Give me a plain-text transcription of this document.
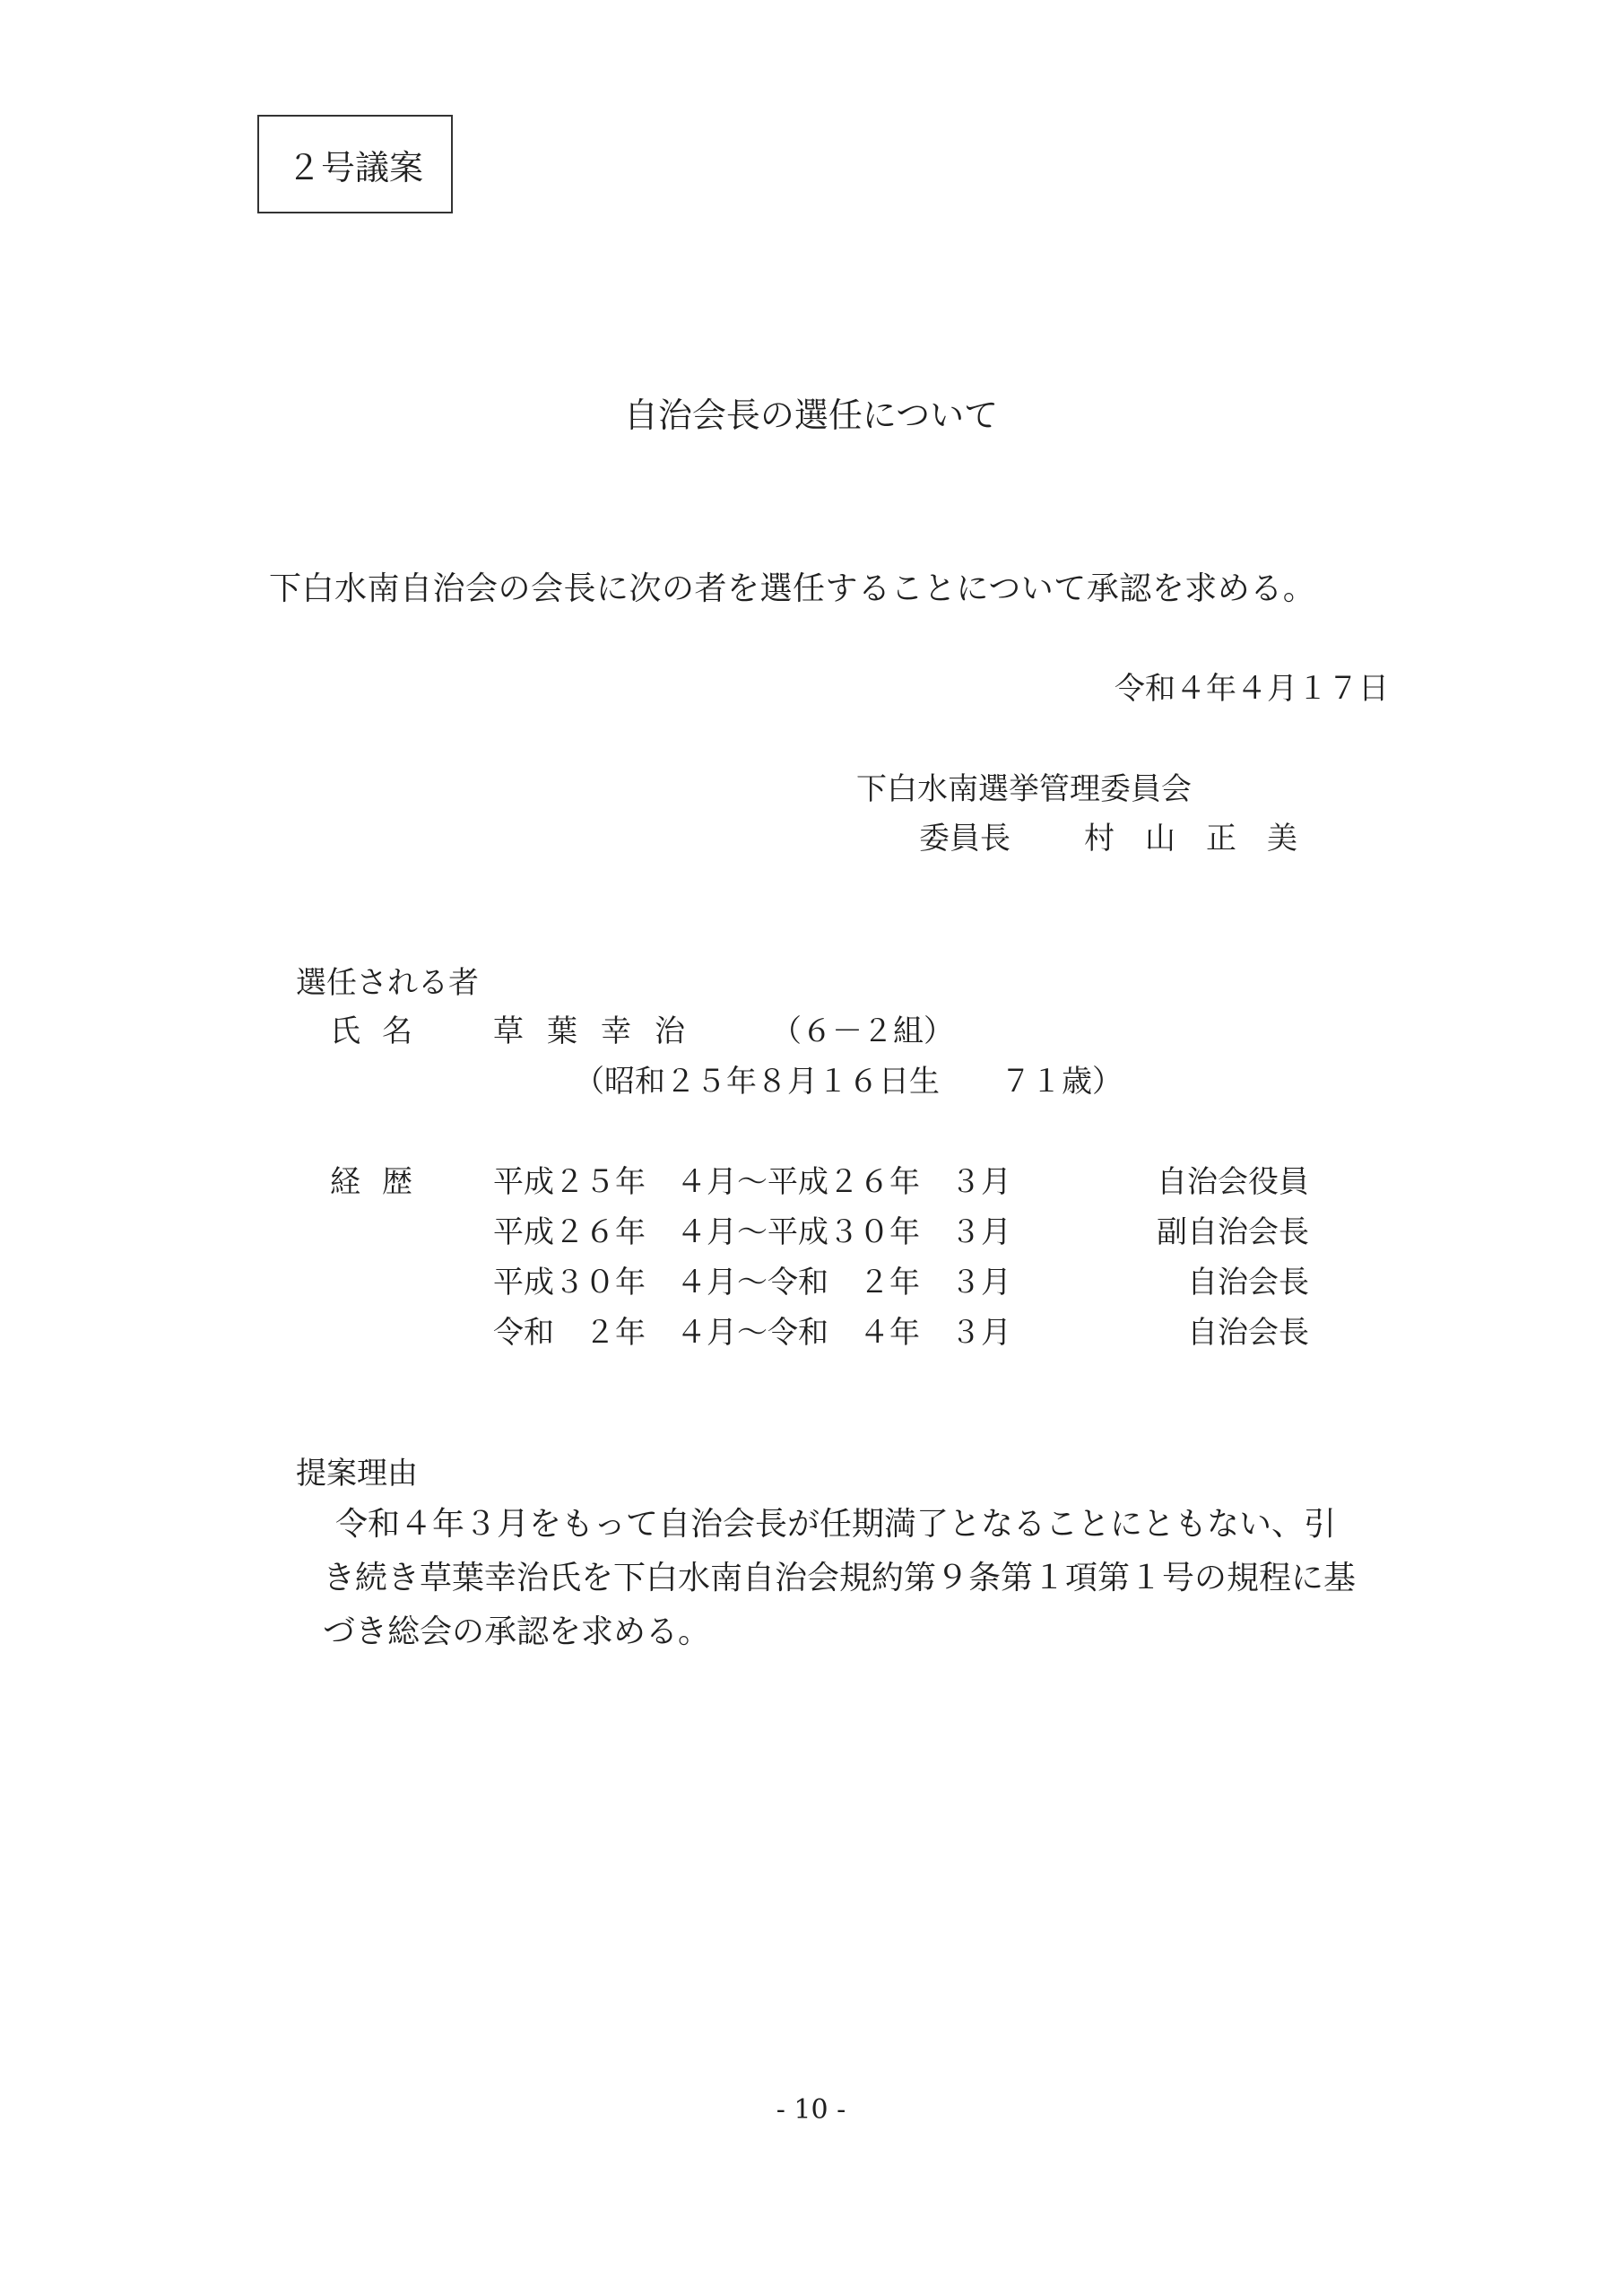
２号議案
自治会長の選任について
下白水南自治会の会長に次の者を選任することについて承認を求める。
令和４年４月１７日
下白水南選挙管理委員会
委員長 村　山　正　美
選任される者
氏名 草葉幸治 （６－２組）
（昭和２５年８月１６日生　　７１歳）
経歴 平成２５年　４月～平成２６年　３月	自治会役員
平成２６年　４月～平成３０年　３月	副自治会長
平成３０年　４月～令和　２年　３月	自治会長
令和　２年　４月～令和　４年　３月	自治会長
提案理由

令和４年３月をもって自治会長が任期満了となることにともない、引

き続き草葉幸治氏を下白水南自治会規約第９条第１項第１号の規程に基

づき総会の承認を求める。

- 10 -
